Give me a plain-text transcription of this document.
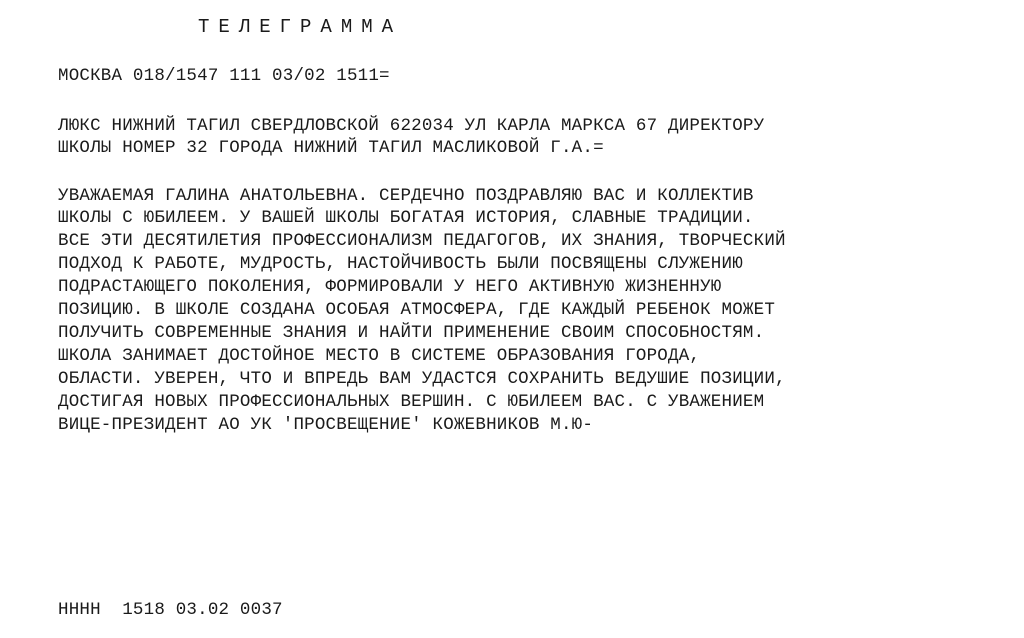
ТЕЛЕГРАММА
МОСКВА 018/1547 111 03/02 1511=
ЛЮКС НИЖНИЙ ТАГИЛ СВЕРДЛОВСКОЙ 622034 УЛ КАРЛА МАРКСА 67 ДИРЕКТОРУ
ШКОЛЫ НОМЕР 32 ГОРОДА НИЖНИЙ ТАГИЛ МАСЛИКОВОЙ Г.А.=
УВАЖАЕМАЯ ГАЛИНА АНАТОЛЬЕВНА. СЕРДЕЧНО ПОЗДРАВЛЯЮ ВАС И КОЛЛЕКТИВ
ШКОЛЫ С ЮБИЛЕЕМ. У ВАШЕЙ ШКОЛЫ БОГАТАЯ ИСТОРИЯ, СЛАВНЫЕ ТРАДИЦИИ.
ВСЕ ЭТИ ДЕСЯТИЛЕТИЯ ПРОФЕССИОНАЛИЗМ ПЕДАГОГОВ, ИХ ЗНАНИЯ, ТВОРЧЕСКИЙ
ПОДХОД К РАБОТЕ, МУДРОСТЬ, НАСТОЙЧИВОСТЬ БЫЛИ ПОСВЯЩЕНЫ СЛУЖЕНИЮ
ПОДРАСТАЮЩЕГО ПОКОЛЕНИЯ, ФОРМИРОВАЛИ У НЕГО АКТИВНУЮ ЖИЗНЕННУЮ
ПОЗИЦИЮ. В ШКОЛЕ СОЗДАНА ОСОБАЯ АТМОСФЕРА, ГДЕ КАЖДЫЙ РЕБЕНОК МОЖЕТ
ПОЛУЧИТЬ СОВРЕМЕННЫЕ ЗНАНИЯ И НАЙТИ ПРИМЕНЕНИЕ СВОИМ СПОСОБНОСТЯМ.
ШКОЛА ЗАНИМАЕТ ДОСТОЙНОЕ МЕСТО В СИСТЕМЕ ОБРАЗОВАНИЯ ГОРОДА,
ОБЛАСТИ. УВЕРЕН, ЧТО И ВПРЕДЬ ВАМ УДАСТСЯ СОХРАНИТЬ ВЕДУШИЕ ПОЗИЦИИ,
ДОСТИГАЯ НОВЫХ ПРОФЕССИОНАЛЬНЫХ ВЕРШИН. С ЮБИЛЕЕМ ВАС. С УВАЖЕНИЕМ
ВИЦЕ-ПРЕЗИДЕНТ АО УК 'ПРОСВЕЩЕНИЕ' КОЖЕВНИКОВ М.Ю-
НННН  1518 03.02 0037
